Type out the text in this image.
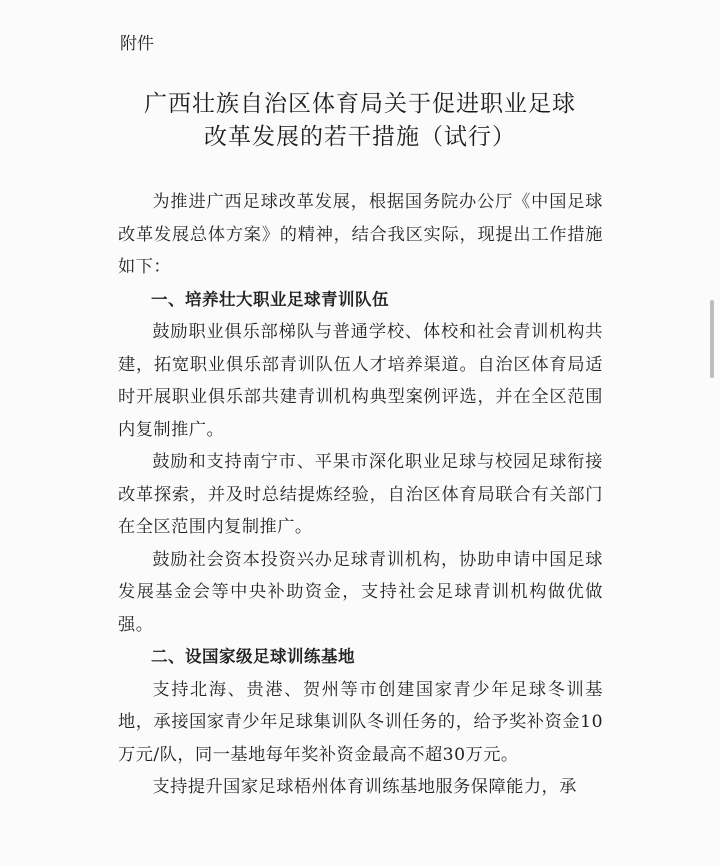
附件
广西壮族自治区体育局关于促进职业足球
改革发展的若干措施（试行）

为推进广西足球改革发展，根据国务院办公厅《中国足球改革发展总体方案》的精神，结合我区实际，现提出工作措施如下：

一、培养壮大职业足球青训队伍

鼓励职业俱乐部梯队与普通学校、体校和社会青训机构共建，拓宽职业俱乐部青训队伍人才培养渠道。自治区体育局适时开展职业俱乐部共建青训机构典型案例评选，并在全区范围内复制推广。

鼓励和支持南宁市、平果市深化职业足球与校园足球衔接改革探索，并及时总结提炼经验，自治区体育局联合有关部门在全区范围内复制推广。

鼓励社会资本投资兴办足球青训机构，协助申请中国足球发展基金会等中央补助资金，支持社会足球青训机构做优做强。

二、设国家级足球训练基地

支持北海、贵港、贺州等市创建国家青少年足球冬训基地，承接国家青少年足球集训队冬训任务的，给予奖补资金10万元/队，同一基地每年奖补资金最高不超30万元。

支持提升国家足球梧州体育训练基地服务保障能力，承
